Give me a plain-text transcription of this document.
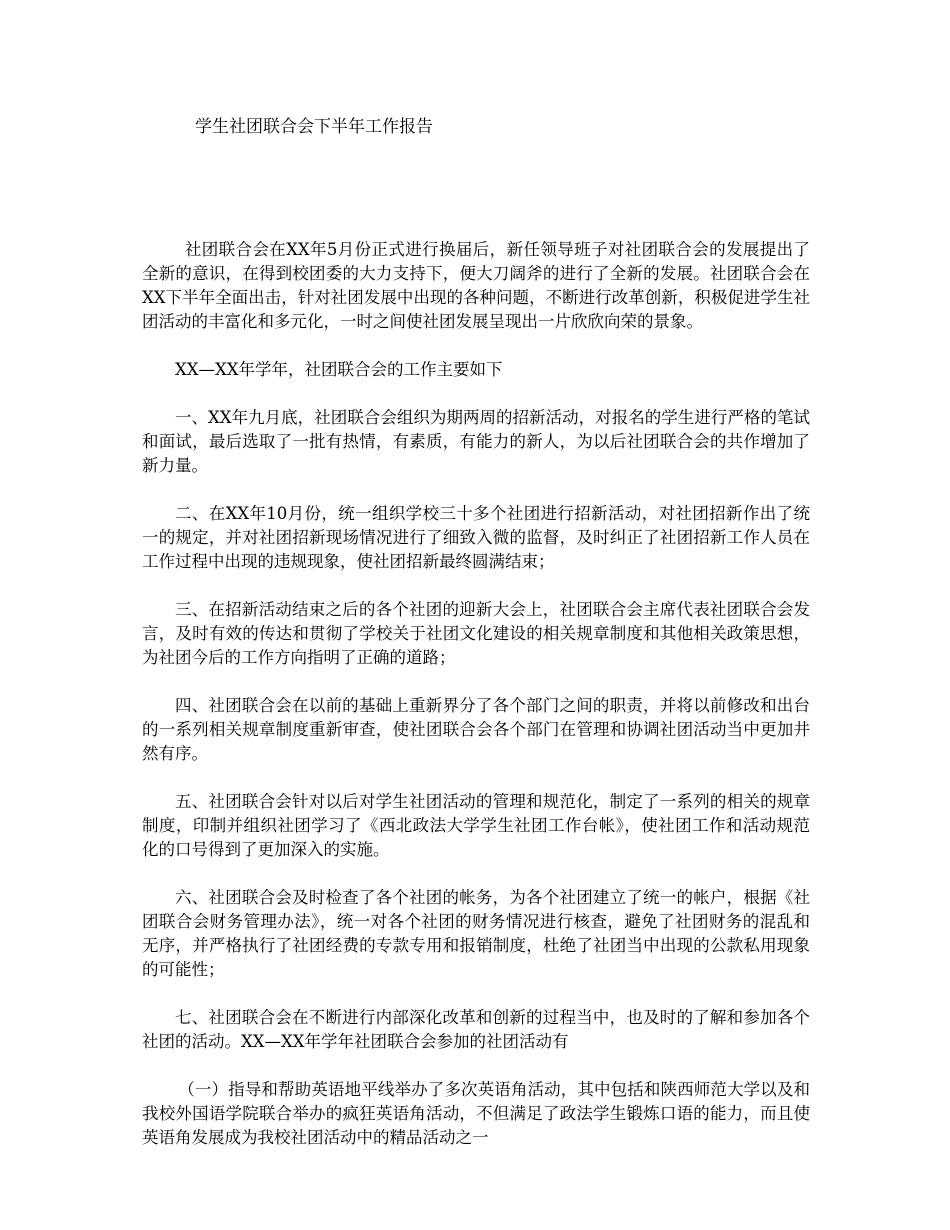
学生社团联合会下半年工作报告

社团联合会在XX年5月份正式进行换届后，新任领导班子对社团联合会的发展提出了全新的意识，在得到校团委的大力支持下，便大刀阔斧的进行了全新的发展。社团联合会在XX下半年全面出击，针对社团发展中出现的各种问题，不断进行改革创新，积极促进学生社团活动的丰富化和多元化，一时之间使社团发展呈现出一片欣欣向荣的景象。

XX—XX年学年，社团联合会的工作主要如下

一、XX年九月底，社团联合会组织为期两周的招新活动，对报名的学生进行严格的笔试和面试，最后选取了一批有热情，有素质，有能力的新人，为以后社团联合会的共作增加了新力量。

二、在XX年10月份，统一组织学校三十多个社团进行招新活动，对社团招新作出了统一的规定，并对社团招新现场情况进行了细致入微的监督，及时纠正了社团招新工作人员在工作过程中出现的违规现象，使社团招新最终圆满结束；

三、在招新活动结束之后的各个社团的迎新大会上，社团联合会主席代表社团联合会发言，及时有效的传达和贯彻了学校关于社团文化建设的相关规章制度和其他相关政策思想，为社团今后的工作方向指明了正确的道路；

四、社团联合会在以前的基础上重新界分了各个部门之间的职责，并将以前修改和出台的一系列相关规章制度重新审查，使社团联合会各个部门在管理和协调社团活动当中更加井然有序。

五、社团联合会针对以后对学生社团活动的管理和规范化，制定了一系列的相关的规章制度，印制并组织社团学习了《西北政法大学学生社团工作台帐》，使社团工作和活动规范化的口号得到了更加深入的实施。

六、社团联合会及时检查了各个社团的帐务，为各个社团建立了统一的帐户，根据《社团联合会财务管理办法》，统一对各个社团的财务情况进行核查，避免了社团财务的混乱和无序，并严格执行了社团经费的专款专用和报销制度，杜绝了社团当中出现的公款私用现象的可能性；

七、社团联合会在不断进行内部深化改革和创新的过程当中，也及时的了解和参加各个社团的活动。XX—XX年学年社团联合会参加的社团活动有

（一）指导和帮助英语地平线举办了多次英语角活动，其中包括和陕西师范大学以及和我校外国语学院联合举办的疯狂英语角活动，不但满足了政法学生锻炼口语的能力，而且使英语角发展成为我校社团活动中的精品活动之一
